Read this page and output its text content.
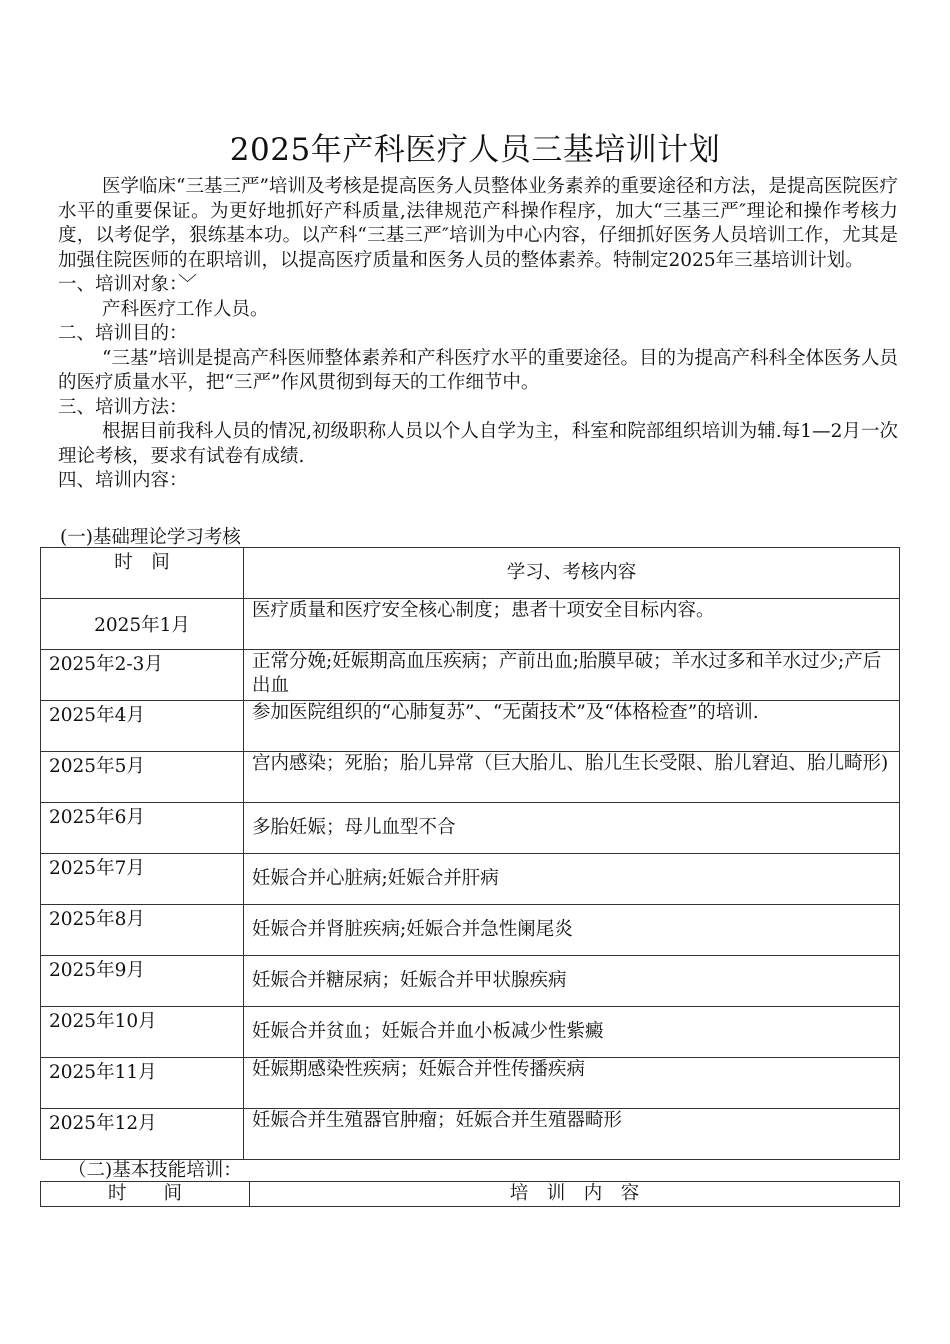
2025年产科医疗人员三基培训计划

医学临床“三基三严”培训及考核是提高医务人员整体业务素养的重要途径和方法，是提高医院医疗水平的重要保证。为更好地抓好产科质量,法律规范产科操作程序，加大“三基三严″理论和操作考核力度，以考促学，狠练基本功。以产科“三基三严″培训为中心内容，仔细抓好医务人员培训工作，尤其是加强住院医师的在职培训，以提高医疗质量和医务人员的整体素养。特制定2025年三基培训计划。

一、培训对象：﹀

产科医疗工作人员。

二、培训目的：

“三基”培训是提高产科医师整体素养和产科医疗水平的重要途径。目的为提高产科科全体医务人员的医疗质量水平，把“三严”作风贯彻到每天的工作细节中。

三、培训方法：

根据目前我科人员的情况,初级职称人员以个人自学为主，科室和院部组织培训为辅.每1—2月一次理论考核，要求有试卷有成绩.

四、培训内容：

(一)基础理论学习考核
时　间	学习、考核内容
2025年1月	医疗质量和医疗安全核心制度；患者十项安全目标内容。
2025年2-3月	正常分娩;妊娠期高血压疾病；产前出血;胎膜早破；羊水过多和羊水过少;产后出血
2025年4月	参加医院组织的“心肺复苏”、“无菌技术”及“体格检查”的培训.
2025年5月	宫内感染；死胎；胎儿异常（巨大胎儿、胎儿生长受限、胎儿窘迫、胎儿畸形)
2025年6月	多胎妊娠；母儿血型不合
2025年7月	妊娠合并心脏病;妊娠合并肝病
2025年8月	妊娠合并肾脏疾病;妊娠合并急性阑尾炎
2025年9月	妊娠合并糖尿病；妊娠合并甲状腺疾病
2025年10月	妊娠合并贫血；妊娠合并血小板减少性紫癜
2025年11月	妊娠期感染性疾病；妊娠合并性传播疾病
2025年12月	妊娠合并生殖器官肿瘤；妊娠合并生殖器畸形
（二)基本技能培训：
时　　间	培　训　内　容
